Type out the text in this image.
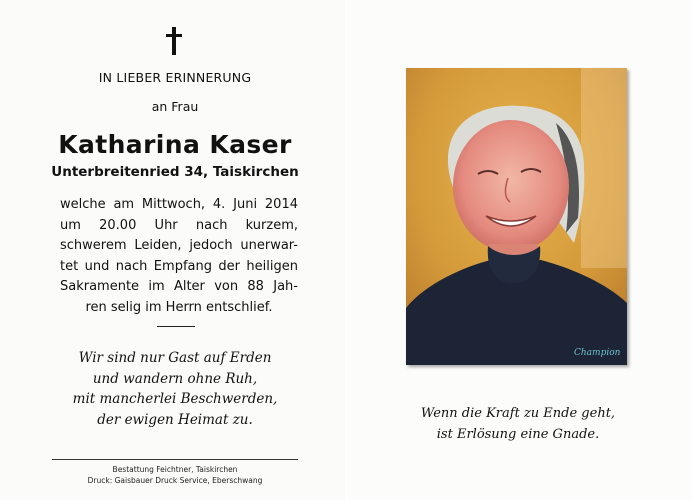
IN LIEBER ERINNERUNG
an Frau
Katharina Kaser
Unterbreitenried 34, Taiskirchen
welche am Mittwoch, 4. Juni 2014
um 20.00 Uhr nach kurzem,
schwerem Leiden, jedoch unerwar-
tet und nach Empfang der heiligen
Sakramente im Alter von 88 Jah-
ren selig im Herrn entschlief.
Wir sind nur Gast auf Erden
und wandern ohne Ruh,
mit mancherlei Beschwerden,
der ewigen Heimat zu.
Bestattung Feichtner, Taiskirchen
Druck: Gaisbauer Druck Service, Eberschwang
Champion
Wenn die Kraft zu Ende geht,
ist Erlösung eine Gnade.
